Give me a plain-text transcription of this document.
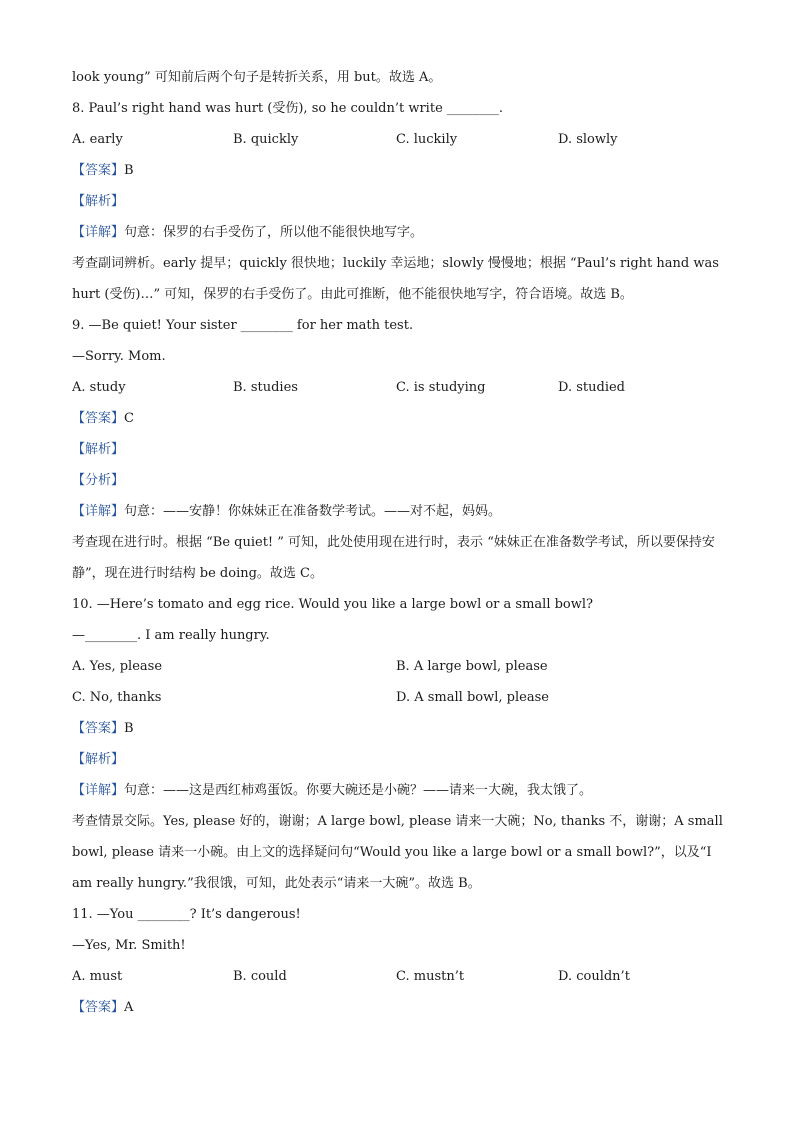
look young” 可知前后两个句子是转折关系，用 but。故选 A。
8. Paul’s right hand was hurt (受伤), so he couldn’t write ________.
A. early	B. quickly	C. luckily	D. slowly
【答案】B
【解析】
【详解】句意：保罗的右手受伤了，所以他不能很快地写字。
考查副词辨析。early 提早；quickly 很快地；luckily 幸运地；slowly 慢慢地；根据 “Paul’s right hand was hurt (受伤)…” 可知，保罗的右手受伤了。由此可推断，他不能很快地写字，符合语境。故选 B。
9. —Be quiet! Your sister ________ for her math test.
—Sorry. Mom.
A. study	B. studies	C. is studying	D. studied
【答案】C
【解析】
【分析】
【详解】句意：——安静！你妹妹正在准备数学考试。——对不起，妈妈。
考查现在进行时。根据 “Be quiet! ” 可知，此处使用现在进行时，表示 “妹妹正在准备数学考试，所以要保持安静”，现在进行时结构 be doing。故选 C。
10. —Here’s tomato and egg rice. Would you like a large bowl or a small bowl?
—________. I am really hungry.
A. Yes, please	B. A large bowl, please
C. No, thanks	D. A small bowl, please
【答案】B
【解析】
【详解】句意：——这是西红柿鸡蛋饭。你要大碗还是小碗？——请来一大碗，我太饿了。
考查情景交际。Yes, please 好的，谢谢；A large bowl, please 请来一大碗；No, thanks 不，谢谢；A small bowl, please 请来一小碗。由上文的选择疑问句“Would you like a large bowl or a small bowl?”，以及“I am really hungry.”我很饿，可知，此处表示“请来一大碗”。故选 B。
11. —You ________? It’s dangerous!
—Yes, Mr. Smith!
A. must	B. could	C. mustn’t	D. couldn’t
【答案】A
